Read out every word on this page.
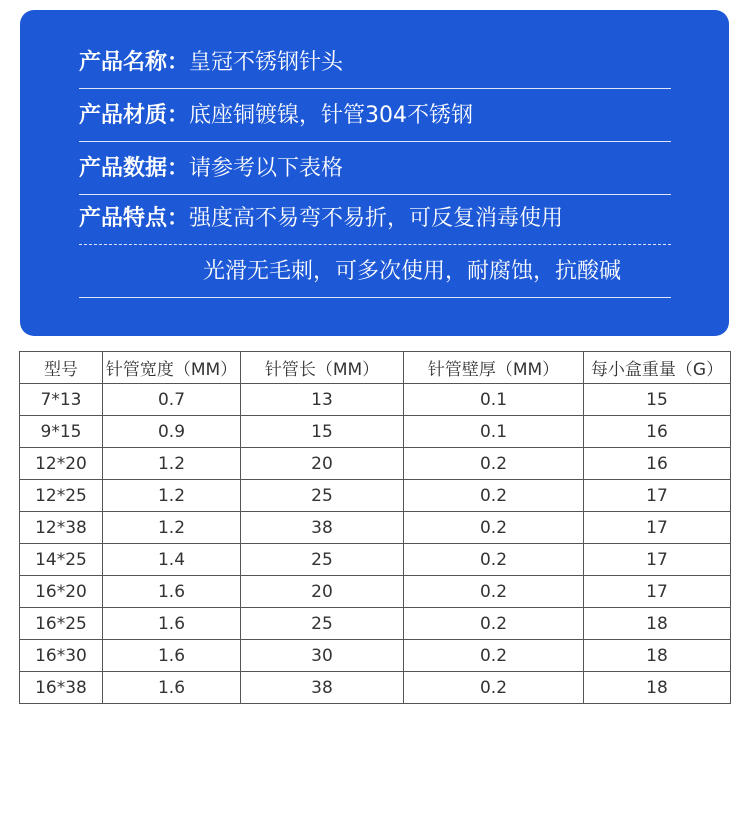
产品名称： 皇冠不锈钢针头
产品材质： 底座铜镀镍，针管304不锈钢
产品数据： 请参考以下表格
产品特点： 强度高不易弯不易折，可反复消毒使用
光滑无毛刺，可多次使用，耐腐蚀，抗酸碱
型号	针管宽度（MM）	针管长（MM）	针管壁厚（MM）	每小盒重量（G）
7*13	0.7	13	0.1	15
9*15	0.9	15	0.1	16
12*20	1.2	20	0.2	16
12*25	1.2	25	0.2	17
12*38	1.2	38	0.2	17
14*25	1.4	25	0.2	17
16*20	1.6	20	0.2	17
16*25	1.6	25	0.2	18
16*30	1.6	30	0.2	18
16*38	1.6	38	0.2	18
